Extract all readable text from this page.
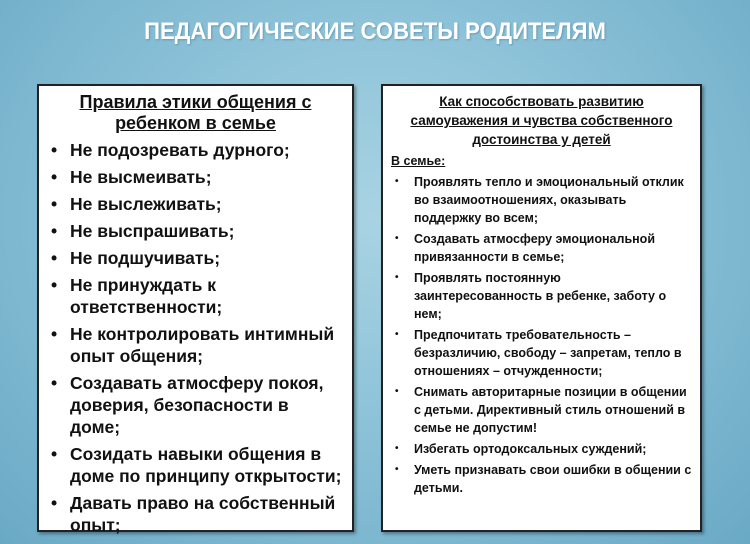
ПЕДАГОГИЧЕСКИЕ СОВЕТЫ РОДИТЕЛЯМ
Правила этики общения с ребенком в семье
• Не подозревать дурного;
• Не высмеивать;
• Не выслеживать;
• Не выспрашивать;
• Не подшучивать;
• Не принуждать к ответственности;
• Не контролировать интимный опыт общения;
• Создавать атмосферу покоя, доверия, безопасности в доме;
• Созидать навыки общения в доме по принципу открытости;
• Давать право на собственный опыт;
Как способствовать развитию самоуважения и чувства собственного достоинства у детей
В семье:
• Проявлять тепло и эмоциональный отклик во взаимоотношениях, оказывать поддержку во всем;
• Создавать атмосферу эмоциональной привязанности в семье;
• Проявлять постоянную заинтересованность в ребенке, заботу о нем;
• Предпочитать требовательность – безразличию, свободу – запретам, тепло в отношениях – отчужденности;
• Снимать авторитарные позиции в общении с детьми. Директивный стиль отношений в семье не допустим!
• Избегать ортодоксальных суждений;
• Уметь признавать свои ошибки в общении с детьми.
